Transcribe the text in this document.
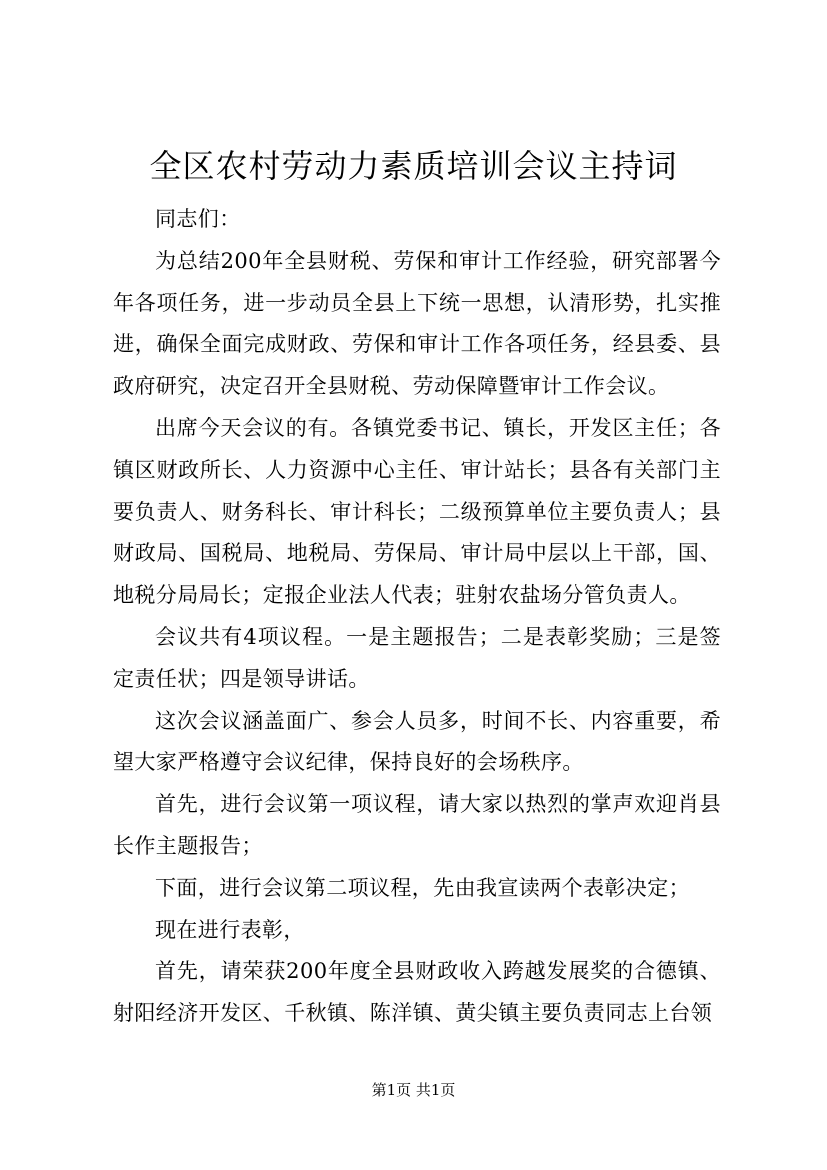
全区农村劳动力素质培训会议主持词

同志们：

为总结200年全县财税、劳保和审计工作经验，研究部署今年各项任务，进一步动员全县上下统一思想，认清形势，扎实推进，确保全面完成财政、劳保和审计工作各项任务，经县委、县政府研究，决定召开全县财税、劳动保障暨审计工作会议。

出席今天会议的有。各镇党委书记、镇长，开发区主任；各镇区财政所长、人力资源中心主任、审计站长；县各有关部门主要负责人、财务科长、审计科长；二级预算单位主要负责人；县财政局、国税局、地税局、劳保局、审计局中层以上干部，国、地税分局局长；定报企业法人代表；驻射农盐场分管负责人。

会议共有4项议程。一是主题报告；二是表彰奖励；三是签定责任状；四是领导讲话。

这次会议涵盖面广、参会人员多，时间不长、内容重要，希望大家严格遵守会议纪律，保持良好的会场秩序。

首先，进行会议第一项议程，请大家以热烈的掌声欢迎肖县长作主题报告；

下面，进行会议第二项议程，先由我宣读两个表彰决定；

现在进行表彰，

首先，请荣获200年度全县财政收入跨越发展奖的合德镇、射阳经济开发区、千秋镇、陈洋镇、黄尖镇主要负责同志上台领

第1页 共1页
